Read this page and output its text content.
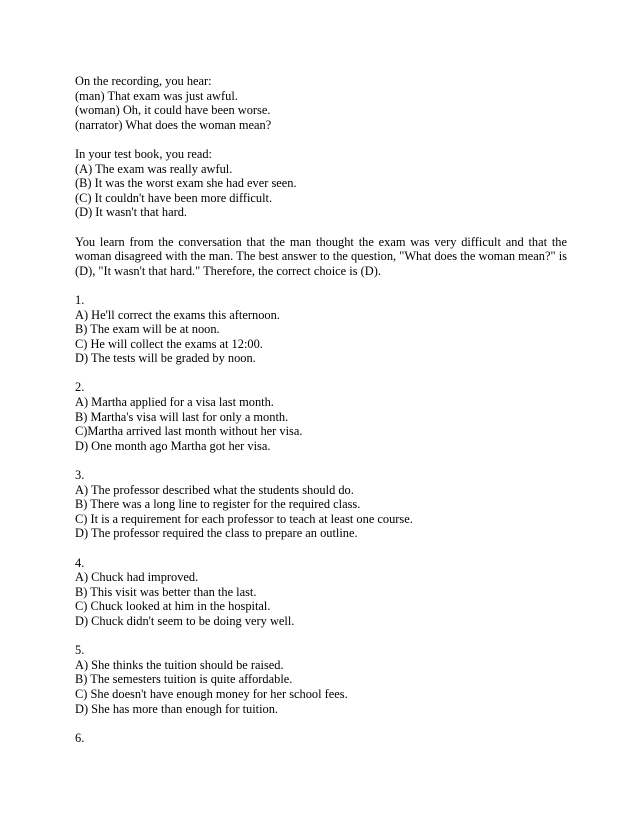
On the recording, you hear:
(man) That exam was just awful.
(woman) Oh, it could have been worse.
(narrator) What does the woman mean?
In your test book, you read:
(A) The exam was really awful.
(B) It was the worst exam she had ever seen.
(C) It couldn't have been more difficult.
(D) It wasn't that hard.
You learn from the conversation that the man thought the exam was very difficult and that the woman disagreed with the man. The best answer to the question, "What does the woman mean?" is (D), "It wasn't that hard." Therefore, the correct choice is (D).
1.
A) He'll correct the exams this afternoon.
B) The exam will be at noon.
C) He will collect the exams at 12:00.
D) The tests will be graded by noon.
2.
A) Martha applied for a visa last month.
B) Martha's visa will last for only a month.
C)Martha arrived last month without her visa.
D) One month ago Martha got her visa.
3.
A) The professor described what the students should do.
B) There was a long line to register for the required class.
C) It is a requirement for each professor to teach at least one course.
D) The professor required the class to prepare an outline.
4.
A) Chuck had improved.
B) This visit was better than the last.
C) Chuck looked at him in the hospital.
D) Chuck didn't seem to be doing very well.
5.
A) She thinks the tuition should be raised.
B) The semesters tuition is quite affordable.
C) She doesn't have enough money for her school fees.
D) She has more than enough for tuition.
6.
